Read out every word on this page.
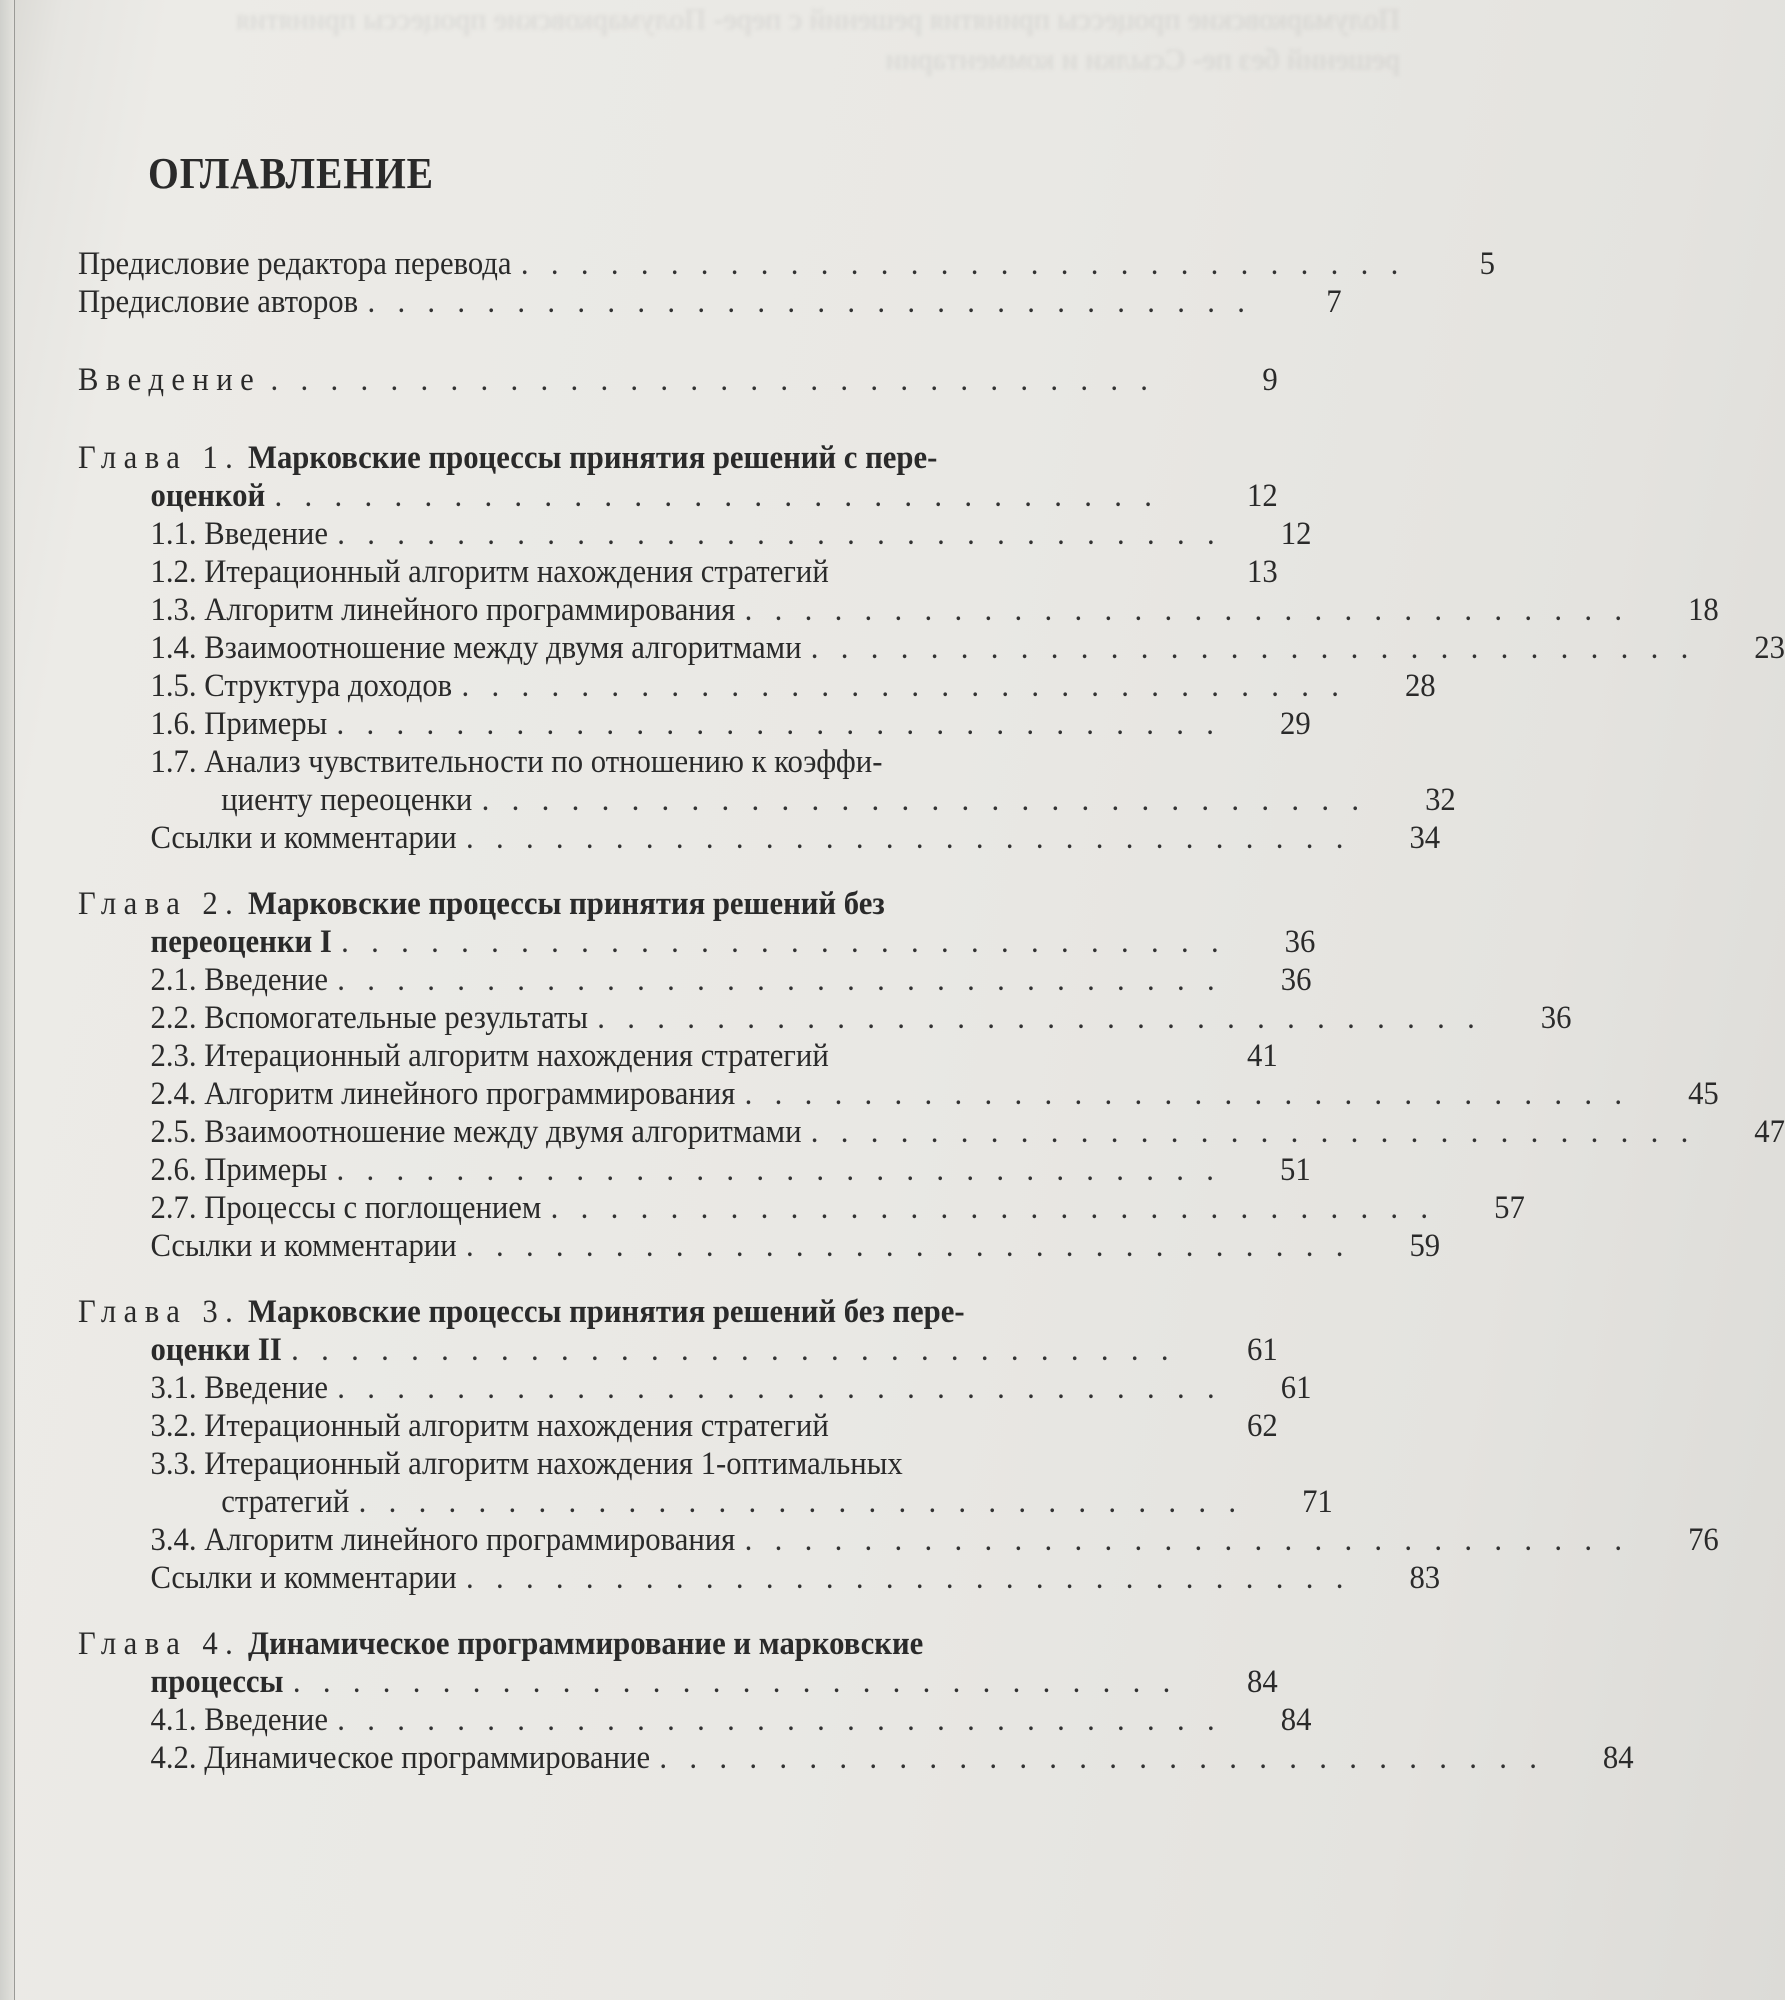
Полумарковские процессы принятия решений с пере- Полумарковские процессы принятия решений без пе- Ссылки и комментарии
ОГЛАВЛЕНИЕ
Предисловие редактора перевода ..............................	5
Предисловие авторов ..............................	7
Введение ..............................	9
Глава 1. Марковские процессы принятия решений с пере-
оценкой ..............................	12
1.1. Введение ..............................	12
1.2. Итерационный алгоритм нахождения стратегий	13
1.3. Алгоритм линейного программирования ..............................	18
1.4. Взаимоотношение между двумя алгоритмами ..............................	23
1.5. Структура доходов ..............................	28
1.6. Примеры ..............................	29
1.7. Анализ чувствительности по отношению к коэффи-
циенту переоценки ..............................	32
Ссылки и комментарии ..............................	34
Глава 2. Марковские процессы принятия решений без
переоценки I ..............................	36
2.1. Введение ..............................	36
2.2. Вспомогательные результаты ..............................	36
2.3. Итерационный алгоритм нахождения стратегий	41
2.4. Алгоритм линейного программирования ..............................	45
2.5. Взаимоотношение между двумя алгоритмами ..............................	47
2.6. Примеры ..............................	51
2.7. Процессы с поглощением ..............................	57
Ссылки и комментарии ..............................	59
Глава 3. Марковские процессы принятия решений без пере-
оценки II ..............................	61
3.1. Введение ..............................	61
3.2. Итерационный алгоритм нахождения стратегий	62
3.3. Итерационный алгоритм нахождения 1-оптимальных
стратегий ..............................	71
3.4. Алгоритм линейного программирования ..............................	76
Ссылки и комментарии ..............................	83
Глава 4. Динамическое программирование и марковские
процессы ..............................	84
4.1. Введение ..............................	84
4.2. Динамическое программирование ..............................	84
